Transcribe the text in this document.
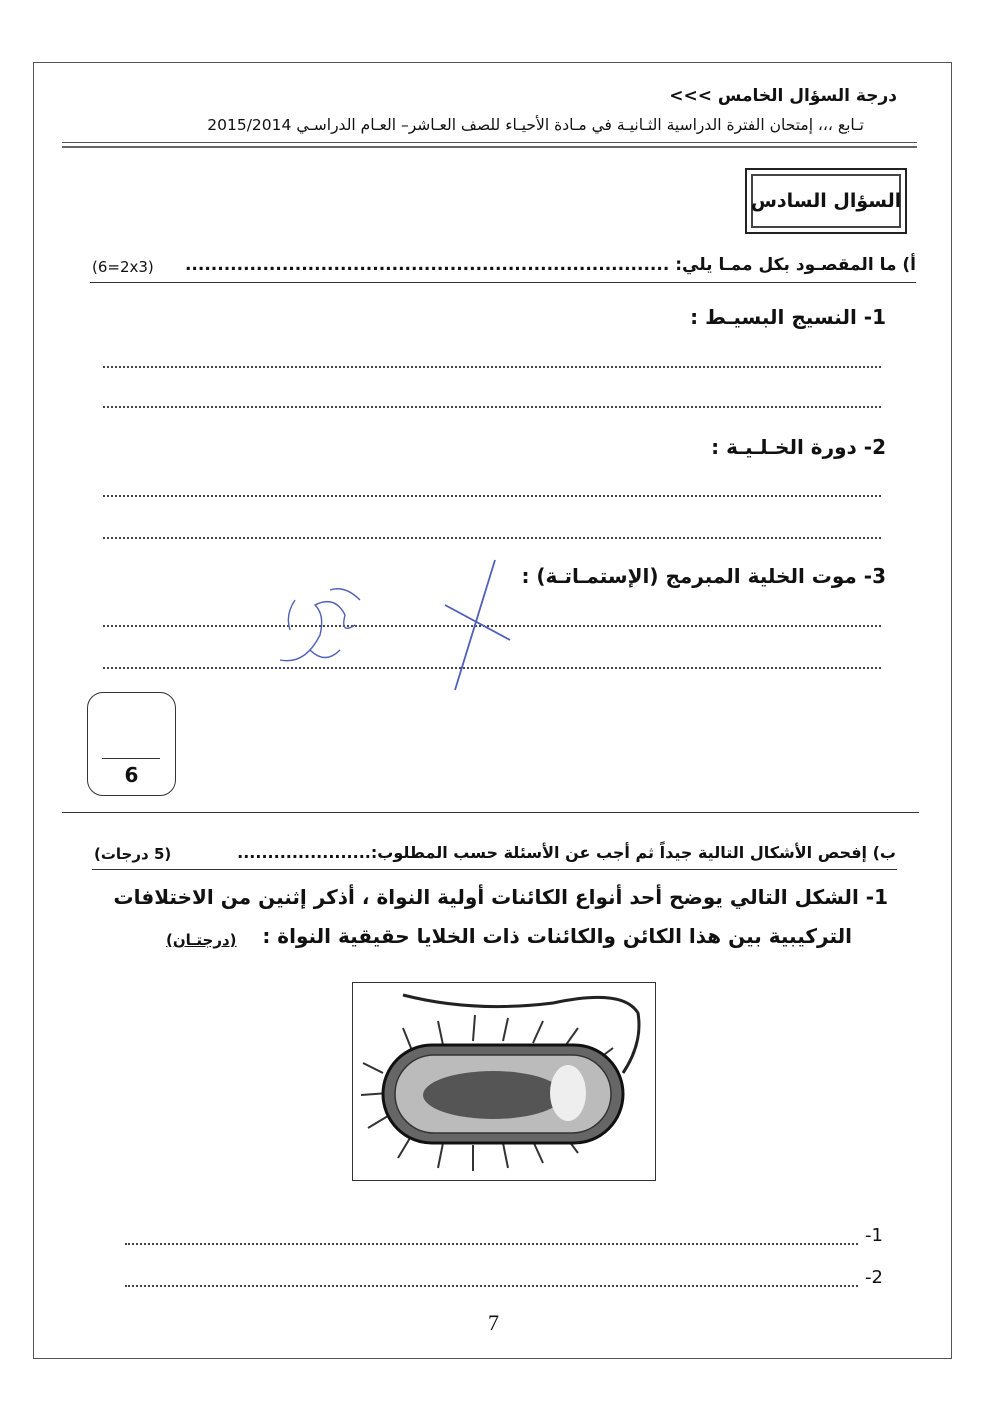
درجة السؤال الخامس >>>
تـابع ،،، إمتحان الفترة الدراسية الثـانيـة في مـادة الأحيـاء للصف العـاشر– العـام الدراسـي 2015/2014
السؤال السادس
أ) ما المقصـود بكل ممـا يلي: ...........................................................................
(6=2x3)
1- النسيج البسيـط :
2- دورة الخـلـيـة :
3- موت الخلية المبرمج (الإستمـاتـة) :
6
ب) إفحص الأشكال التالية جيداً ثم أجب عن الأسئلة حسب المطلوب:......................
(5 درجات)
1- الشكل التالي يوضح أحد أنواع الكائنات أولية النواة ، أذكر إثنين من الاختلافات
التركيبية بين هذا الكائن والكائنات ذات الخلايا حقيقية النواة :
(درجتـان)
-1
-2
7
